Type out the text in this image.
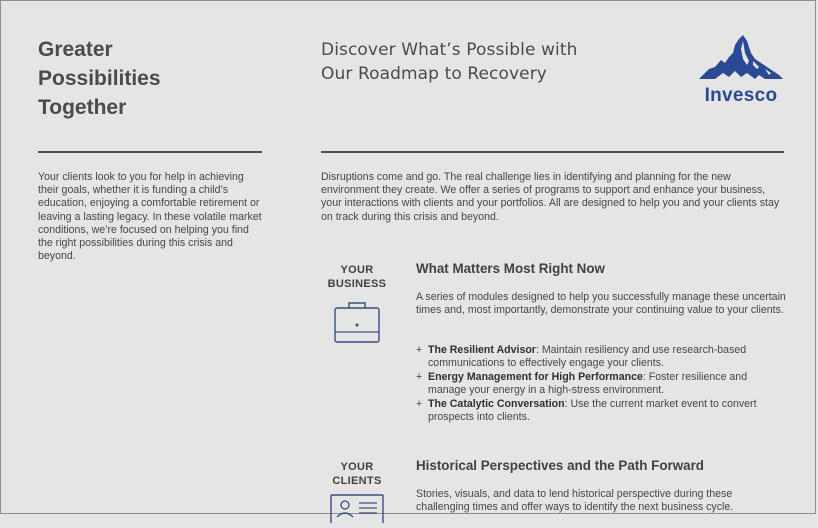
Greater
Possibilities
Together
Discover What’s Possible with
Our Roadmap to Recovery
Invesco
Your clients look to you for help in achieving their goals, whether it is funding a child’s education, enjoying a comfortable retirement or leaving a lasting legacy. In these volatile market conditions, we’re focused on helping you find the right possibilities during this crisis and beyond.
Disruptions come and go. The real challenge lies in identifying and planning for the new environment they create. We offer a series of programs to support and enhance your business, your interactions with clients and your portfolios. All are designed to help you and your clients stay on track during this crisis and beyond.
YOUR
BUSINESS
What Matters Most Right Now
A series of modules designed to help you successfully manage these uncertain times and, most importantly, demonstrate your continuing value to your clients.
+ The Resilient Advisor: Maintain resiliency and use research-based communications to effectively engage your clients.
+ Energy Management for High Performance: Foster resilience and manage your energy in a high-stress environment.
+ The Catalytic Conversation: Use the current market event to convert prospects into clients.
YOUR
CLIENTS
Historical Perspectives and the Path Forward
Stories, visuals, and data to lend historical perspective during these challenging times and offer ways to identify the next business cycle.
